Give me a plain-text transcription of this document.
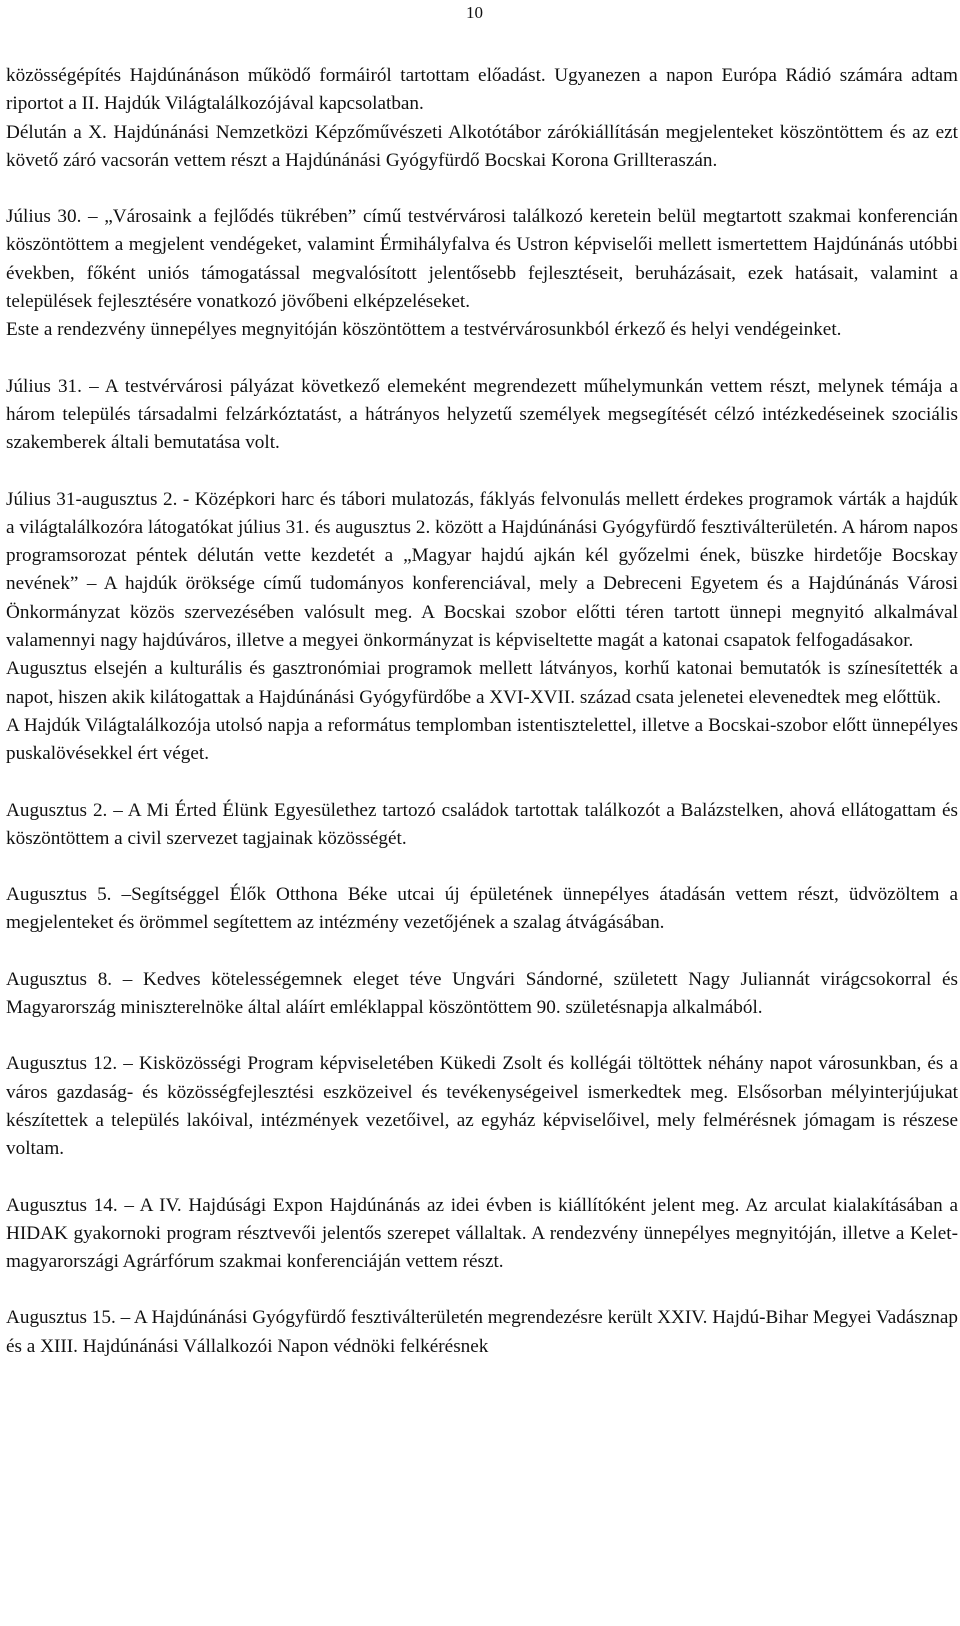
10

közösségépítés Hajdúnánáson működő formáiról tartottam előadást. Ugyanezen a napon Európa Rádió számára adtam riportot a II. Hajdúk Világtalálkozójával kapcsolatban.

Délután a X. Hajdúnánási Nemzetközi Képzőművészeti Alkotótábor zárókiállításán megjelenteket köszöntöttem és az ezt követő záró vacsorán vettem részt a Hajdúnánási Gyógyfürdő Bocskai Korona Grillteraszán.

Július 30. – „Városaink a fejlődés tükrében” című testvérvárosi találkozó keretein belül megtartott szakmai konferencián köszöntöttem a megjelent vendégeket, valamint Érmihályfalva és Ustron képviselői mellett ismertettem Hajdúnánás utóbbi években, főként uniós támogatással megvalósított jelentősebb fejlesztéseit, beruházásait, ezek hatásait, valamint a települések fejlesztésére vonatkozó jövőbeni elképzeléseket.

Este a rendezvény ünnepélyes megnyitóján köszöntöttem a testvérvárosunkból érkező és helyi vendégeinket.

Július 31. – A testvérvárosi pályázat következő elemeként megrendezett műhelymunkán vettem részt, melynek témája a három település társadalmi felzárkóztatást, a hátrányos helyzetű személyek megsegítését célzó intézkedéseinek szociális szakemberek általi bemutatása volt.

Július 31-augusztus 2. - Középkori harc és tábori mulatozás, fáklyás felvonulás mellett érdekes programok várták a hajdúk a világtalálkozóra látogatókat július 31. és augusztus 2. között a Hajdúnánási Gyógyfürdő fesztiválterületén. A három napos programsorozat péntek délután vette kezdetét a „Magyar hajdú ajkán kél győzelmi ének, büszke hirdetője Bocskay nevének” – A hajdúk öröksége című tudományos konferenciával, mely a Debreceni Egyetem és a Hajdúnánás Városi Önkormányzat közös szervezésében valósult meg. A Bocskai szobor előtti téren tartott ünnepi megnyitó alkalmával valamennyi nagy hajdúváros, illetve a megyei önkormányzat is képviseltette magát a katonai csapatok felfogadásakor.

Augusztus elsején a kulturális és gasztronómiai programok mellett látványos, korhű katonai bemutatók is színesítették a napot, hiszen akik kilátogattak a Hajdúnánási Gyógyfürdőbe a XVI-XVII. század csata jelenetei elevenedtek meg előttük.

A Hajdúk Világtalálkozója utolsó napja a református templomban istentisztelettel, illetve a Bocskai-szobor előtt ünnepélyes puskalövésekkel ért véget.

Augusztus 2. – A Mi Érted Élünk Egyesülethez tartozó családok tartottak találkozót a Balázstelken, ahová ellátogattam és köszöntöttem a civil szervezet tagjainak közösségét.

Augusztus 5. –Segítséggel Élők Otthona Béke utcai új épületének ünnepélyes átadásán vettem részt, üdvözöltem a megjelenteket és örömmel segítettem az intézmény vezetőjének a szalag átvágásában.

Augusztus 8. – Kedves kötelességemnek eleget téve Ungvári Sándorné, született Nagy Juliannát virágcsokorral és Magyarország miniszterelnöke által aláírt emléklappal köszöntöttem 90. születésnapja alkalmából.

Augusztus 12. – Kisközösségi Program képviseletében Kükedi Zsolt és kollégái töltöttek néhány napot városunkban, és a város gazdaság- és közösségfejlesztési eszközeivel és tevékenységeivel ismerkedtek meg. Elsősorban mélyinterjújukat készítettek a település lakóival, intézmények vezetőivel, az egyház képviselőivel, mely felmérésnek jómagam is részese voltam.

Augusztus 14. – A IV. Hajdúsági Expon Hajdúnánás az idei évben is kiállítóként jelent meg. Az arculat kialakításában a HIDAK gyakornoki program résztvevői jelentős szerepet vállaltak. A rendezvény ünnepélyes megnyitóján, illetve a Kelet-magyarországi Agrárfórum szakmai konferenciáján vettem részt.

Augusztus 15. – A Hajdúnánási Gyógyfürdő fesztiválterületén megrendezésre került XXIV. Hajdú-Bihar Megyei Vadásznap és a XIII. Hajdúnánási Vállalkozói Napon védnöki felkérésnek
